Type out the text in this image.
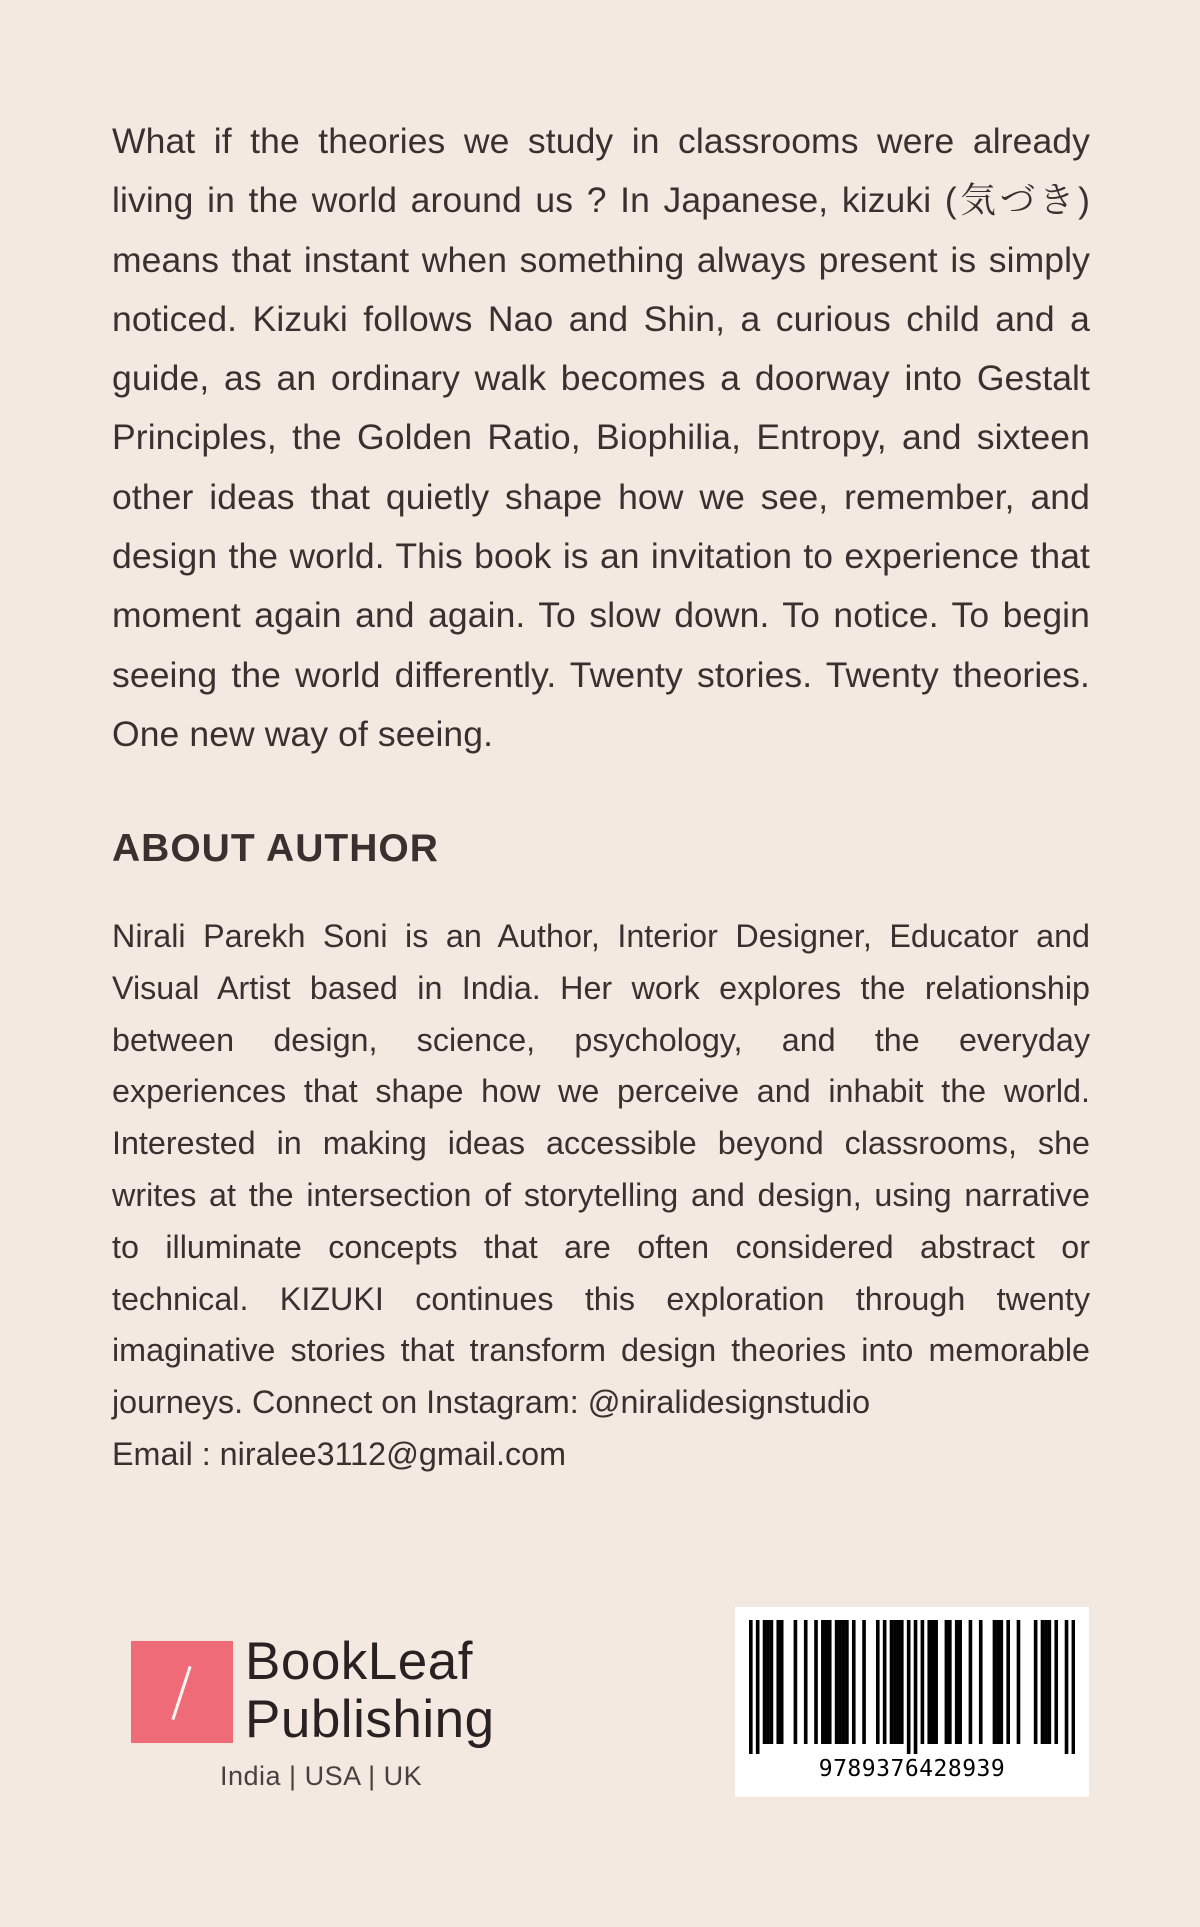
What if the theories we study in classrooms were already living in the world around us ? In Japanese, kizuki (気づき) means that instant when something always present is simply noticed. Kizuki follows Nao and Shin, a curious child and a guide, as an ordinary walk becomes a doorway into Gestalt Principles, the Golden Ratio, Biophilia, Entropy, and sixteen other ideas that quietly shape how we see, remember, and design the world. This book is an invitation to experience that moment again and again. To slow down. To notice. To begin seeing the world differently. Twenty stories. Twenty theories. One new way of seeing.

ABOUT AUTHOR

Nirali Parekh Soni is an Author, Interior Designer, Educator and Visual Artist based in India. Her work explores the relationship between design, science, psychology, and the everyday experiences that shape how we perceive and inhabit the world. Interested in making ideas accessible beyond classrooms, she writes at the intersection of storytelling and design, using narrative to illuminate concepts that are often considered abstract or technical. KIZUKI continues this exploration through twenty imaginative stories that transform design theories into memorable journeys. Connect on Instagram: @niralidesignstudio
Email : niralee3112@gmail.com

BookLeaf
Publishing
India | USA | UK	9789376428939
